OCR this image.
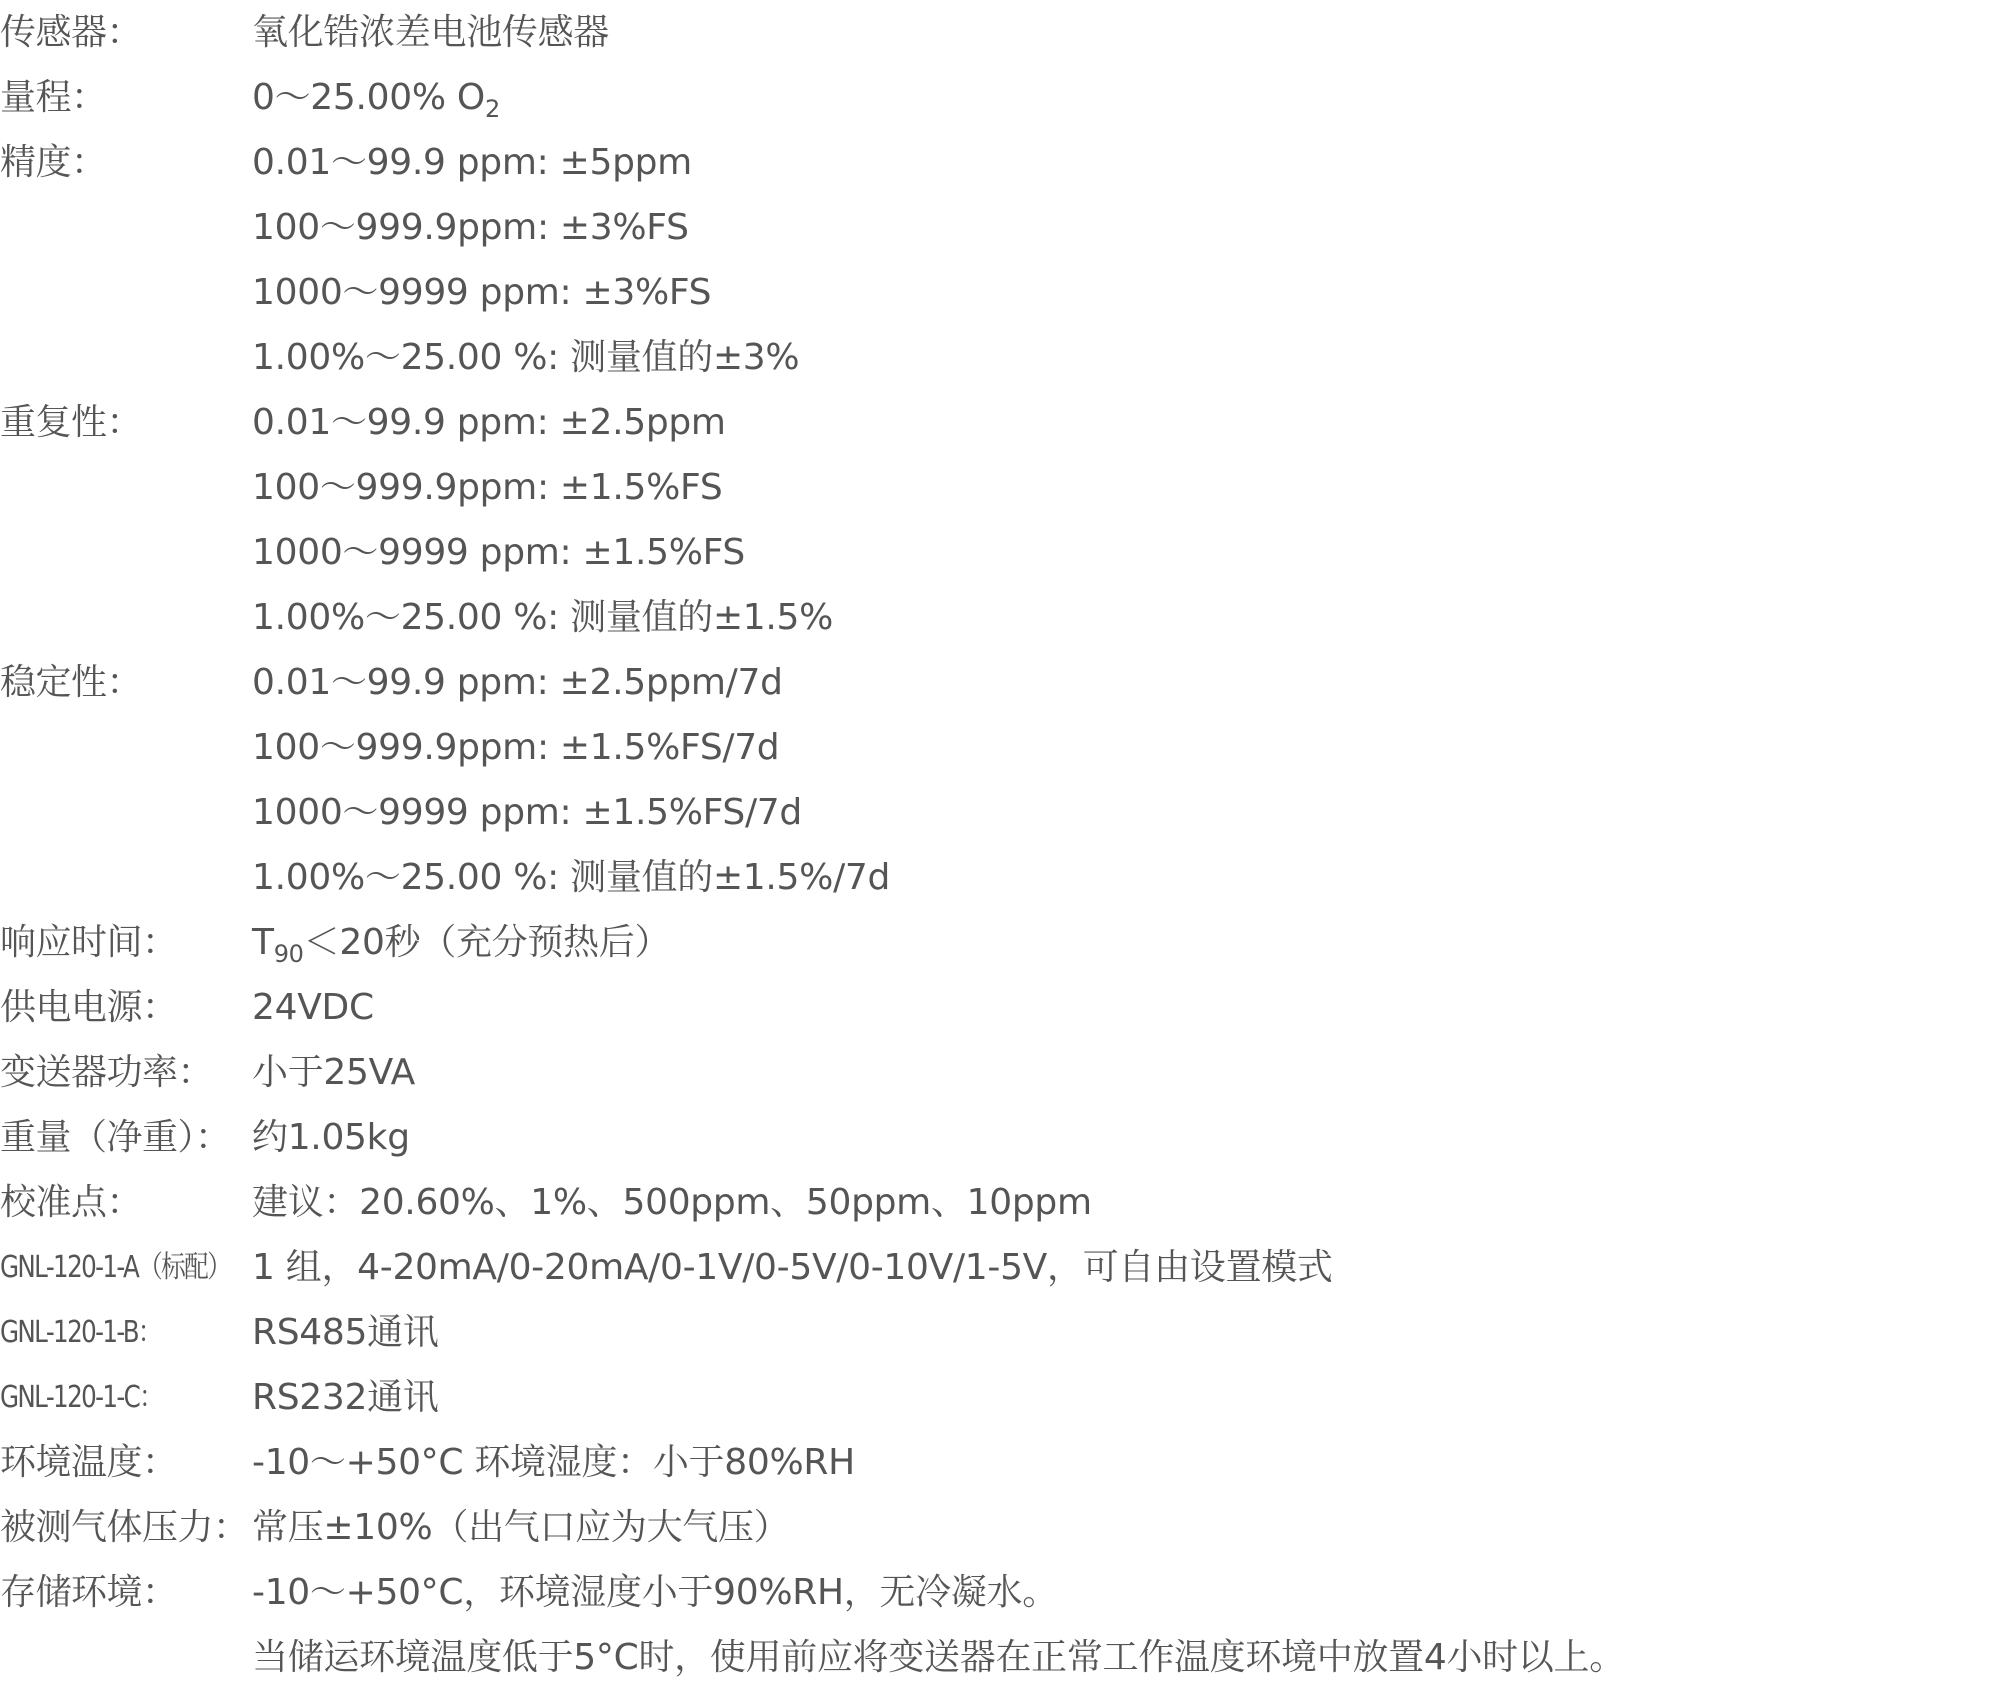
传感器：	氧化锆浓差电池传感器
量程：	0～25.00% $O_2$
精度：	0.01～99.9 ppm: ±5ppm
100～999.9ppm: ±3%FS
1000～9999 ppm: ±3%FS
1.00%～25.00 %: 测量值的±3%
重复性：	0.01～99.9 ppm: ±2.5ppm
100～999.9ppm: ±1.5%FS
1000～9999 ppm: ±1.5%FS
1.00%～25.00 %: 测量值的±1.5%
稳定性：	0.01～99.9 ppm: ±2.5ppm/7d
100～999.9ppm: ±1.5%FS/7d
1000～9999 ppm: ±1.5%FS/7d
1.00%～25.00 %: 测量值的±1.5%/7d
响应时间：	$T_{90}<20$秒（充分预热后）
供电电源：	24VDC
变送器功率：	小于25VA
重量（净重）： 约1.05kg
校准点：	建议：20.60%、1%、500ppm、50ppm、10ppm
GNL-120-1-A（标配） 1 组，4-20mA/0-20mA/0-1V/0-5V/0-10V/1-5V，可自由设置模式
GNL-120-1-B：	RS485通讯
GNL-120-1-C：	RS232通讯
环境温度：	-10～+50°C 环境湿度：小于80%RH
被测气体压力： 常压±10%（出气口应为大气压）
存储环境：	-10～+50°C，环境湿度小于90%RH，无冷凝水。
当储运环境温度低于5°C时，使用前应将变送器在正常工作温度环境中放置4小时以上。
